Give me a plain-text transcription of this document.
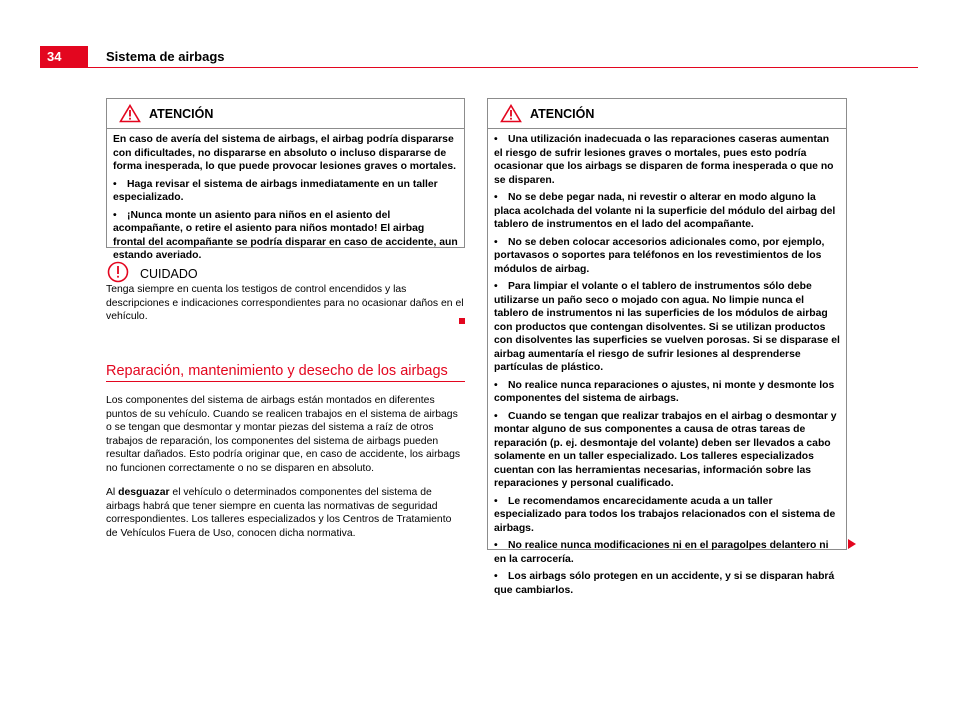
34	Sistema de airbags
ATENCIÓN

En caso de avería del sistema de airbags, el airbag podría dispararse con dificultades, no dispararse en absoluto o incluso dispararse de forma inesperada, lo que puede provocar lesiones graves o mortales.

• Haga revisar el sistema de airbags inmediatamente en un taller especializado.

• ¡Nunca monte un asiento para niños en el asiento del acompañante, o retire el asiento para niños montado! El airbag frontal del acompañante se podría disparar en caso de accidente, aun estando averiado.

CUIDADO
Tenga siempre en cuenta los testigos de control encendidos y las descripciones e indicaciones correspondientes para no ocasionar daños en el vehículo.
Reparación, mantenimiento y desecho de los airbags

Los componentes del sistema de airbags están montados en diferentes puntos de su vehículo. Cuando se realicen trabajos en el sistema de airbags o se tengan que desmontar y montar piezas del sistema a raíz de otros trabajos de reparación, los componentes del sistema de airbags pueden resultar dañados. Esto podría originar que, en caso de accidente, los airbags no funcionen correctamente o no se disparen en absoluto.

Al desguazar el vehículo o determinados componentes del sistema de airbags habrá que tener siempre en cuenta las normativas de seguridad correspondientes. Los talleres especializados y los Centros de Tratamiento de Vehículos Fuera de Uso, conocen dicha normativa.

ATENCIÓN

• Una utilización inadecuada o las reparaciones caseras aumentan el riesgo de sufrir lesiones graves o mortales, pues esto podría ocasionar que los airbags se disparen de forma inesperada o que no se disparen.

• No se debe pegar nada, ni revestir o alterar en modo alguno la placa acolchada del volante ni la superficie del módulo del airbag del tablero de instrumentos en el lado del acompañante.

• No se deben colocar accesorios adicionales como, por ejemplo, portavasos o soportes para teléfonos en los revestimientos de los módulos de airbag.

• Para limpiar el volante o el tablero de instrumentos sólo debe utilizarse un paño seco o mojado con agua. No limpie nunca el tablero de instrumentos ni las superficies de los módulos de airbag con productos que contengan disolventes. Si se utilizan productos con disolventes las superficies se vuelven porosas. Si se disparase el airbag aumentaría el riesgo de sufrir lesiones al desprenderse partículas de plástico.

• No realice nunca reparaciones o ajustes, ni monte y desmonte los componentes del sistema de airbags.

• Cuando se tengan que realizar trabajos en el airbag o desmontar y montar alguno de sus componentes a causa de otras tareas de reparación (p. ej. desmontaje del volante) deben ser llevados a cabo solamente en un taller especializado. Los talleres especializados cuentan con las herramientas necesarias, información sobre las reparaciones y personal cualificado.

• Le recomendamos encarecidamente acuda a un taller especializado para todos los trabajos relacionados con el sistema de airbags.

• No realice nunca modificaciones ni en el paragolpes delantero ni en la carrocería.

• Los airbags sólo protegen en un accidente, y si se disparan habrá que cambiarlos.
